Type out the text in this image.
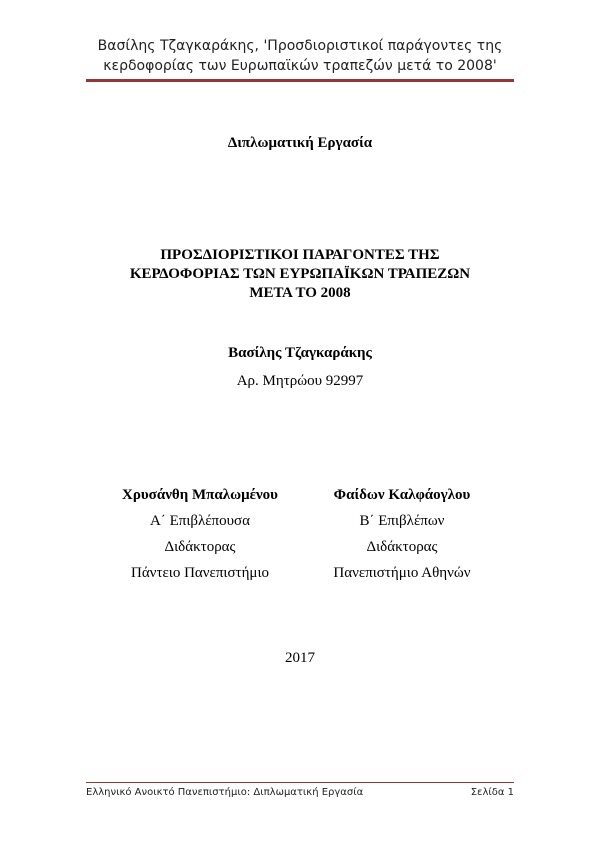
Βασίλης Τζαγκαράκης, 'Προσδιοριστικοί παράγοντες της
κερδοφορίας των Ευρωπαϊκών τραπεζών μετά το 2008'
Διπλωματική Εργασία
ΠΡΟΣΔΙΟΡΙΣΤΙΚΟΙ ΠΑΡΑΓΟΝΤΕΣ ΤΗΣ
ΚΕΡΔΟΦΟΡΙΑΣ ΤΩΝ ΕΥΡΩΠΑΪΚΩΝ ΤΡΑΠΕΖΩΝ
ΜΕΤΑ ΤΟ 2008
Βασίλης Τζαγκαράκης
Αρ. Μητρώου 92997
Χρυσάνθη Μπαλωμένου
Α΄ Επιβλέπουσα
Διδάκτορας
Πάντειο Πανεπιστήμιο
Φαίδων Καλφάογλου
Β΄ Επιβλέπων
Διδάκτορας
Πανεπιστήμιο Αθηνών
2017
Ελληνικό Ανοικτό Πανεπιστήμιο: Διπλωματική Εργασία	Σελίδα 1
